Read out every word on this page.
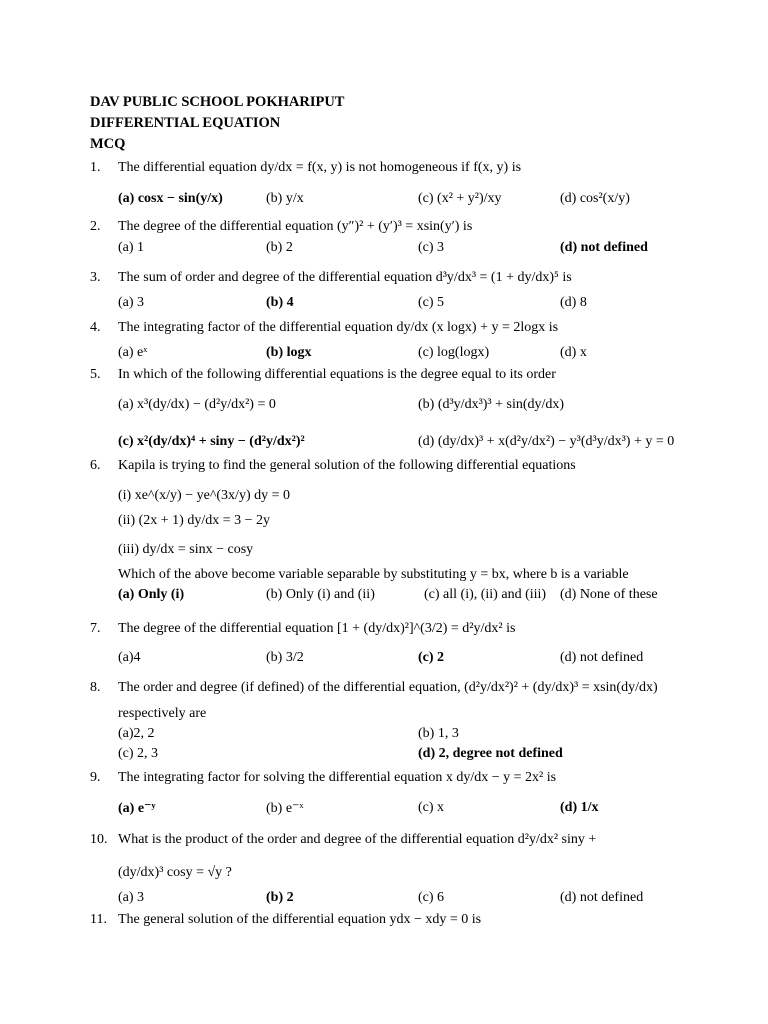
DAV PUBLIC SCHOOL POKHARIPUT
DIFFERENTIAL EQUATION
MCQ
1. The differential equation dy/dx = f(x, y) is not homogeneous if f(x, y) is
(a) cosx − sin(y/x)	(b) y/x	(c) (x² + y²)/xy	(d) cos²(x/y)
2. The degree of the differential equation (y″)² + (y′)³ = xsin(y′) is
(a) 1	(b) 2	(c) 3	(d) not defined
3. The sum of order and degree of the differential equation d³y/dx³ = (1 + dy/dx)⁵ is
(a) 3	(b) 4	(c) 5	(d) 8
4. The integrating factor of the differential equation dy/dx (x logx) + y = 2logx is
(a) eˣ	(b) logx	(c) log(logx)	(d) x
5. In which of the following differential equations is the degree equal to its order
(a) x³(dy/dx) − (d²y/dx²) = 0	(b) (d³y/dx³)³ + sin(dy/dx)
(c) x²(dy/dx)⁴ + siny − (d²y/dx²)²	(d) (dy/dx)³ + x(d²y/dx²) − y³(d³y/dx³) + y = 0
6. Kapila is trying to find the general solution of the following differential equations
(i) xe^(x/y) − ye^(3x/y) dy = 0
(ii) (2x + 1) dy/dx = 3 − 2y
(iii) dy/dx = sinx − cosy
Which of the above become variable separable by substituting y = bx, where b is a variable
(a) Only (i)	(b) Only (i) and (ii)	(c) all (i), (ii) and (iii) (d) None of these
7. The degree of the differential equation [1 + (dy/dx)²]^(3/2) = d²y/dx² is
(a)4	(b) 3/2	(c) 2	(d) not defined
8. The order and degree (if defined) of the differential equation, (d²y/dx²)² + (dy/dx)³ = xsin(dy/dx)
respectively are
(a)2, 2	(b) 1, 3
(c) 2, 3	(d) 2, degree not defined
9. The integrating factor for solving the differential equation x dy/dx − y = 2x² is
(a) e⁻ʸ	(b) e⁻ˣ	(c) x	(d) 1/x
10. What is the product of the order and degree of the differential equation d²y/dx² siny +
(dy/dx)³ cosy = √y ?
(a) 3	(b) 2	(c) 6	(d) not defined
11. The general solution of the differential equation ydx − xdy = 0 is
